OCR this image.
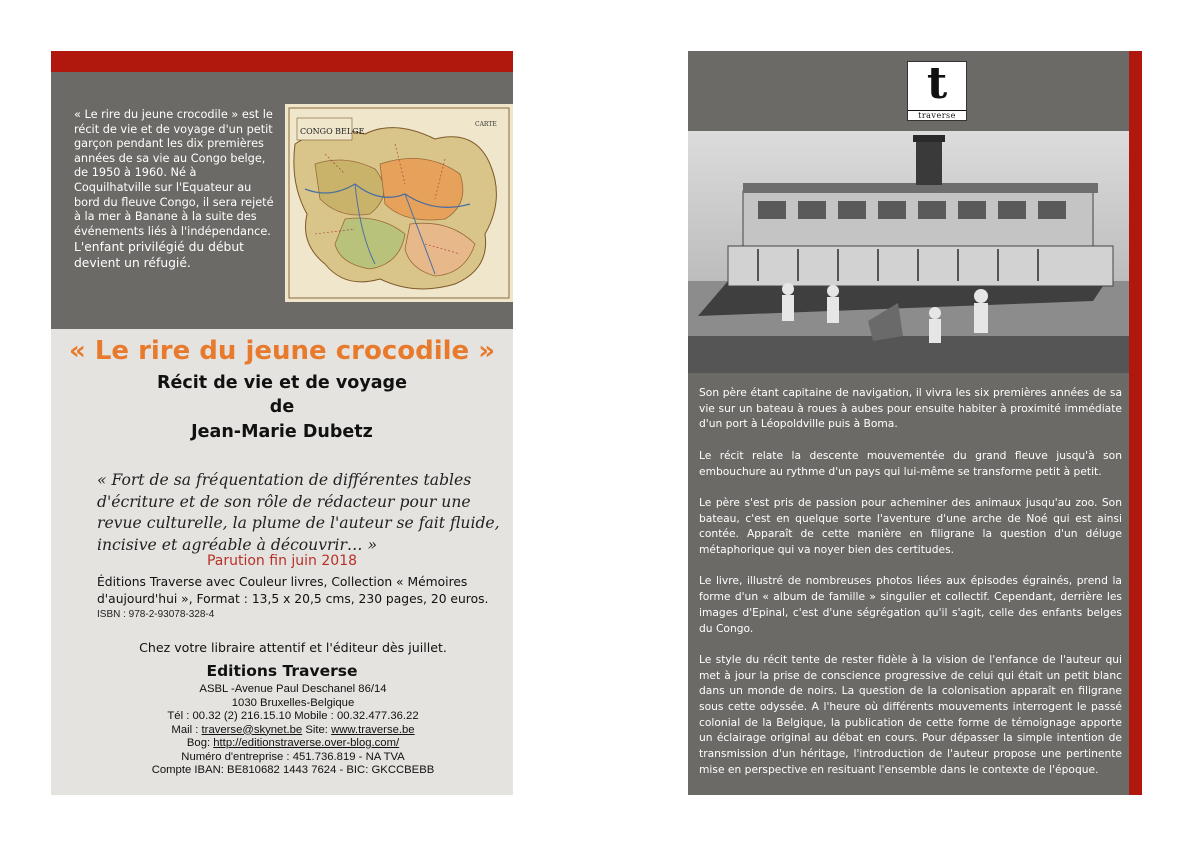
« Le rire du jeune crocodile » est le récit de vie et de voyage d'un petit garçon pendant les dix premières années de sa vie au Congo belge, de 1950 à 1960. Né à Coquilhatville sur l'Equateur au bord du fleuve Congo, il sera rejeté à la mer à Banane à la suite des événements liés à l'indépendance.
L'enfant privilégié du début devient un réfugié.
CARTE
CONGO BELGE
« Le rire du jeune crocodile »
Récit de vie et de voyage
de
Jean-Marie Dubetz
« Fort de sa fréquentation de différentes tables d'écriture et de son rôle de rédacteur pour une revue culturelle, la plume de l'auteur se fait fluide, incisive et agréable à découvrir… »
Parution fin juin 2018
Éditions Traverse avec Couleur livres, Collection « Mémoires d'aujourd'hui », Format : 13,5 x 20,5 cms, 230 pages, 20 euros.
ISBN : 978-2-93078-328-4
Chez votre libraire attentif et l'éditeur dès juillet.
Editions Traverse
ASBL -Avenue Paul Deschanel 86/14
1030 Bruxelles-Belgique
Tél : 00.32 (2) 216.15.10 Mobile : 00.32.477.36.22
Mail : traverse@skynet.be Site: www.traverse.be
Bog: http://editionstraverse.over-blog.com/
Numéro d'entreprise : 451.736.819 - NA TVA
Compte IBAN: BE810682 1443 7624 - BIC: GKCCBEBB
t
traverse

Son père étant capitaine de navigation, il vivra les six premières années de sa vie sur un bateau à roues à aubes pour ensuite habiter à proximité immédiate d'un port à Léopoldville puis à Boma.

Le récit relate la descente mouvementée du grand fleuve jusqu'à son embouchure au rythme d'un pays qui lui-même se transforme petit à petit.

Le père s'est pris de passion pour acheminer des animaux jusqu'au zoo. Son bateau, c'est en quelque sorte l'aventure d'une arche de Noé qui est ainsi contée. Apparaît de cette manière en filigrane la question d'un déluge métaphorique qui va noyer bien des certitudes.

Le livre, illustré de nombreuses photos liées aux épisodes égrainés, prend la forme d'un « album de famille » singulier et collectif. Cependant, derrière les images d'Epinal, c'est d'une ségrégation qu'il s'agit, celle des enfants belges du Congo.

Le style du récit tente de rester fidèle à la vision de l'enfance de l'auteur qui met à jour la prise de conscience progressive de celui qui était un petit blanc dans un monde de noirs. La question de la colonisation apparaît en filigrane sous cette odyssée. A l'heure où différents mouvements interrogent le passé colonial de la Belgique, la publication de cette forme de témoignage apporte un éclairage original au débat en cours. Pour dépasser la simple intention de transmission d'un héritage, l'introduction de l'auteur propose une pertinente mise en perspective en resituant l'ensemble dans le contexte de l'époque.
